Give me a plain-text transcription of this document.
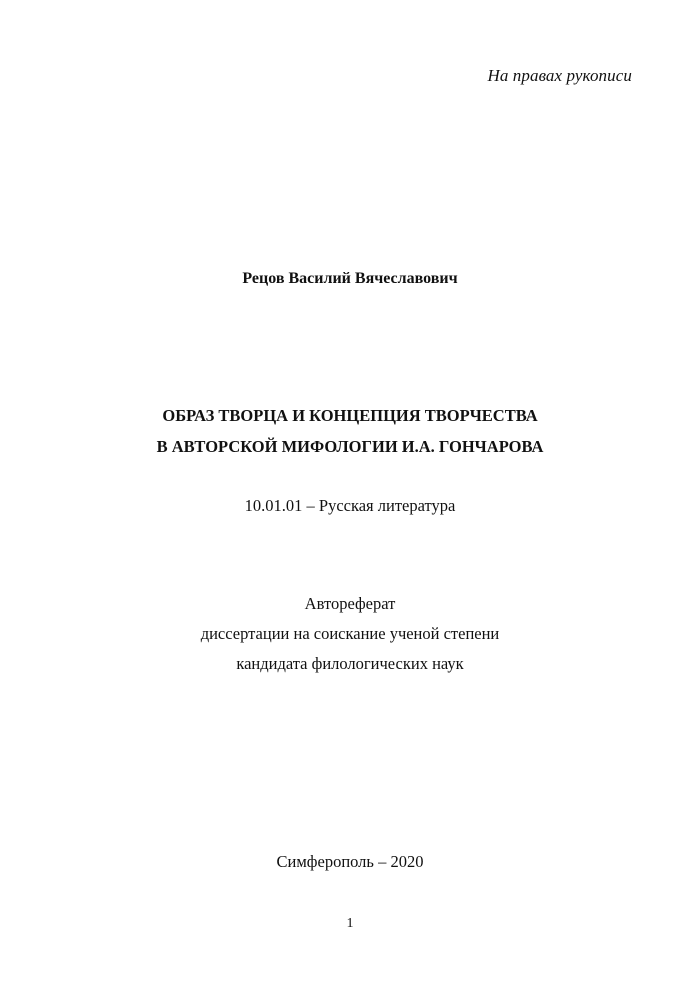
На правах рукописи
Рецов Василий Вячеславович
ОБРАЗ ТВОРЦА И КОНЦЕПЦИЯ ТВОРЧЕСТВА
В АВТОРСКОЙ МИФОЛОГИИ И.А. ГОНЧАРОВА
10.01.01 – Русская литература
Автореферат
диссертации на соискание ученой степени
кандидата филологических наук
Симферополь – 2020
1
